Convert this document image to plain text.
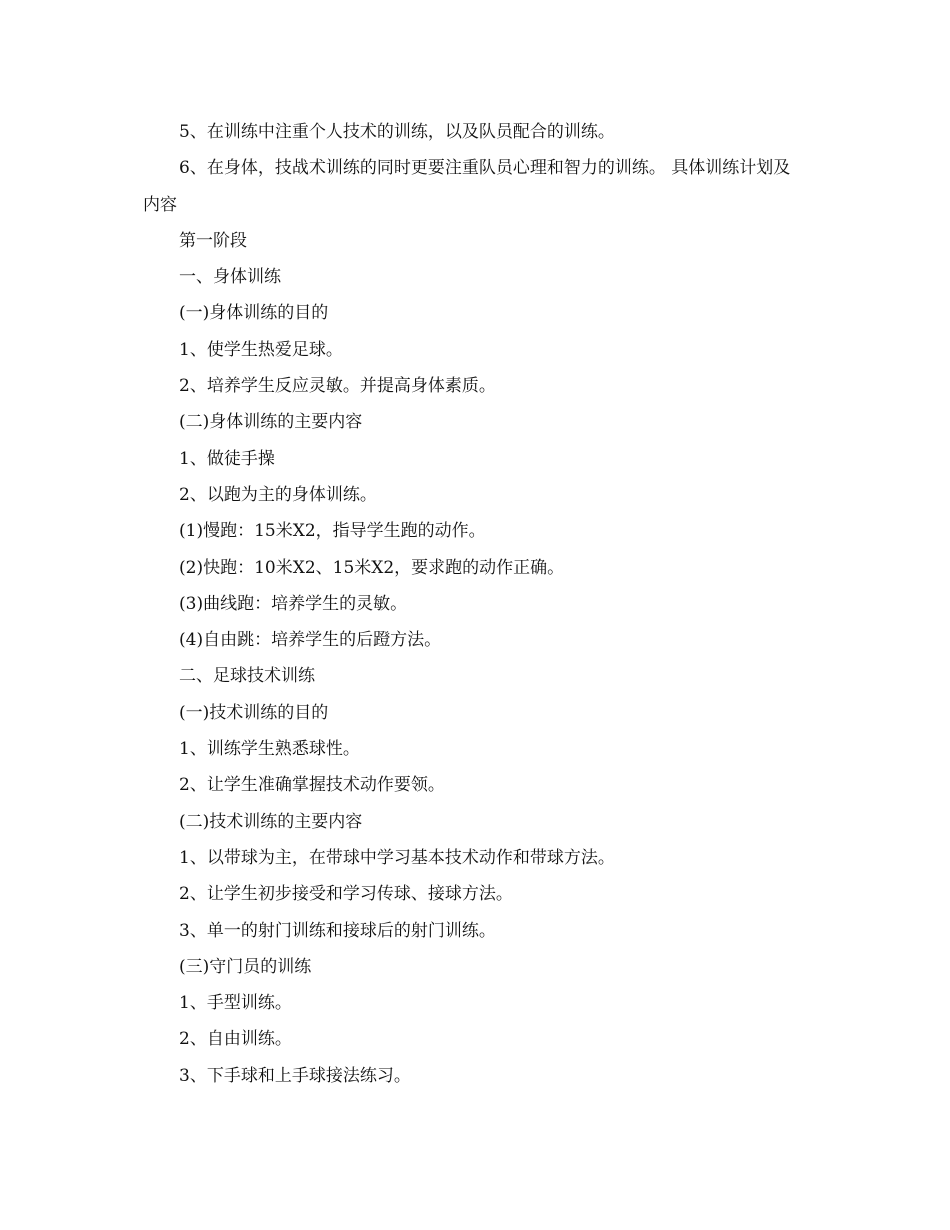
5、在训练中注重个人技术的训练，以及队员配合的训练。

6、在身体，技战术训练的同时更要注重队员心理和智力的训练。 具体训练计划及内容

第一阶段

一、身体训练

(一)身体训练的目的

1、使学生热爱足球。

2、培养学生反应灵敏。并提高身体素质。

(二)身体训练的主要内容

1、做徒手操

2、以跑为主的身体训练。

(1)慢跑：15米X2，指导学生跑的动作。

(2)快跑：10米X2、15米X2，要求跑的动作正确。

(3)曲线跑：培养学生的灵敏。

(4)自由跳：培养学生的后蹬方法。

二、足球技术训练

(一)技术训练的目的

1、训练学生熟悉球性。

2、让学生准确掌握技术动作要领。

(二)技术训练的主要内容

1、以带球为主，在带球中学习基本技术动作和带球方法。

2、让学生初步接受和学习传球、接球方法。

3、单一的射门训练和接球后的射门训练。

(三)守门员的训练

1、手型训练。

2、自由训练。

3、下手球和上手球接法练习。
